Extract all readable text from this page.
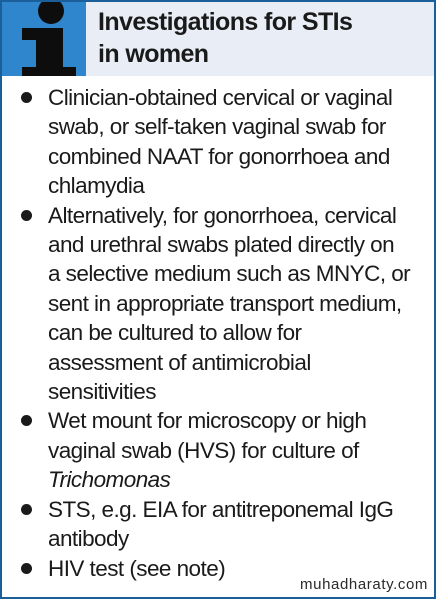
Investigations for STIs
in women
Clinician-obtained cervical or vaginal
swab, or self-taken vaginal swab for
combined NAAT for gonorrhoea and
chlamydia
Alternatively, for gonorrhoea, cervical
and urethral swabs plated directly on
a selective medium such as MNYC, or
sent in appropriate transport medium,
can be cultured to allow for
assessment of antimicrobial
sensitivities
Wet mount for microscopy or high
vaginal swab (HVS) for culture of
Trichomonas
STS, e.g. EIA for antitreponemal IgG
antibody
HIV test (see note)
muhadharaty.com
